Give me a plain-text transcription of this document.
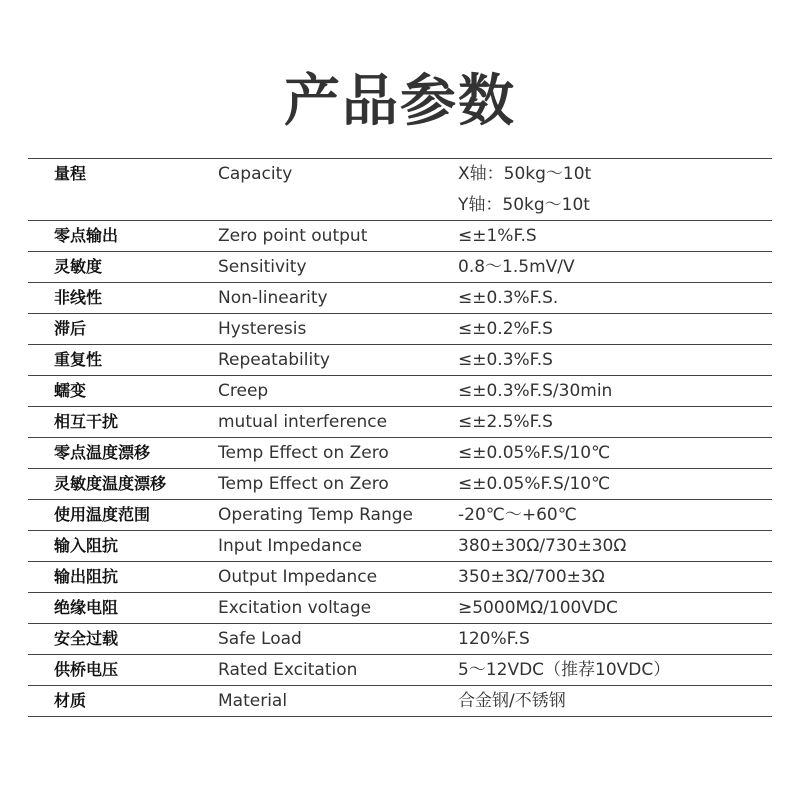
产品参数
量程	Capacity	X轴：50kg～10t
Y轴：50kg～10t
零点输出	Zero point output	≤±1%F.S
灵敏度	Sensitivity	0.8～1.5mV/V
非线性	Non-linearity	≤±0.3%F.S.
滞后	Hysteresis	≤±0.2%F.S
重复性	Repeatability	≤±0.3%F.S
蠕变	Creep	≤±0.3%F.S/30min
相互干扰	mutual interference	≤±2.5%F.S
零点温度漂移	Temp Effect on Zero	≤±0.05%F.S/10℃
灵敏度温度漂移	Temp Effect on Zero	≤±0.05%F.S/10℃
使用温度范围	Operating Temp Range	-20℃～+60℃
输入阻抗	Input Impedance	380±30Ω/730±30Ω
输出阻抗	Output Impedance	350±3Ω/700±3Ω
绝缘电阻	Excitation voltage	≥5000MΩ/100VDC
安全过载	Safe Load	120%F.S
供桥电压	Rated Excitation	5～12VDC（推荐10VDC）
材质	Material	合金钢/不锈钢
